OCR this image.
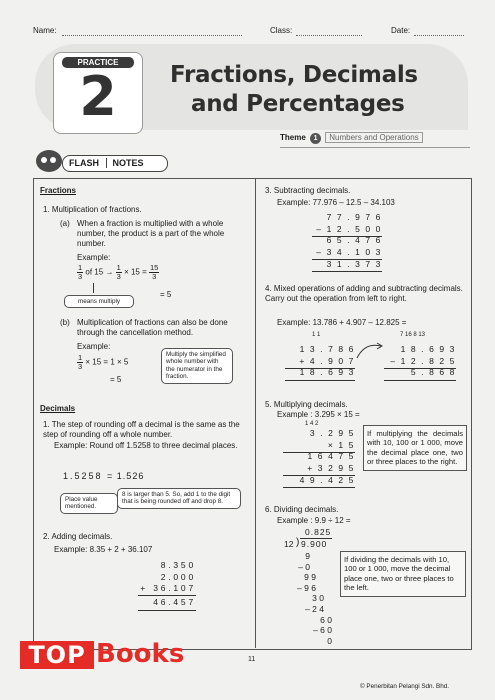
Name:	Class:	Date:
PRACTICE
2	Fractions, Decimals
and Percentages
Theme 1 Numbers and Operations
FLASH NOTES
Fractions
1. Multiplication of fractions.
(a) When a fraction is multiplied with a whole number, the product is a part of the whole number.
Example:
$\frac{1}{3}$ of $15 \to \frac{1}{3} \times 15 = \frac{15}{3}$
= 5
means multiply
(b) Multiplication of fractions can also be done through the cancellation method.
Example:
$\frac{1}{3} \times 15 = 1 \times 5$
= 5
Multiply the simplified whole number with the numerator in the fraction.
Decimals
1. The step of rounding off a decimal is the same as the step of rounding off a whole number.
Example: Round off 1.5258 to three decimal places.
1.5258 = 1.526
Place value mentioned.
8 is larger than 5. So, add 1 to the digit that is being rounded off and drop 8.
2. Adding decimals.
Example: 8.35 + 2 + 36.107
8.350
2.000
+ 36.107
46.457
3. Subtracting decimals.
Example: 77.976 – 12.5 – 34.103
7 7 . 9 7 6
– 1 2 . 5 0 0
6 5 . 4 7 6
– 3 4 . 1 0 3
3 1 . 3 7 3
4. Mixed operations of adding and subtracting decimals. Carry out the operation from left to right.
Example: 13.786 + 4.907 – 12.825 =
1 1
1 3 . 7 8 6
+ 4 . 9 0 7
1 8 . 6 9 3
7 16 8 13
1 8 . 6 9 3
– 1 2 . 8 2 5
5 . 8 6 8
5. Multiplying decimals.
Example : 3.295 × 15 =
1 4 2
3 . 2 9 5
× 1 5
1 6 4 7 5
+ 3 2 9 5
4 9 . 4 2 5
If multiplying the decimals with 10, 100 or 1 000, move the decimal place one, two or three places to the right.
6. Dividing decimals.
Example : 9.9 ÷ 12 =
0.825
12 ) 9.900
9
– 0
9 9
– 9 6
3 0
– 2 4
6 0
– 6 0
0
If dividing the decimals with 10, 100 or 1 000, move the decimal place one, two or three places to the left.
11
© Penerbitan Pelangi Sdn. Bhd.
TOP Books
